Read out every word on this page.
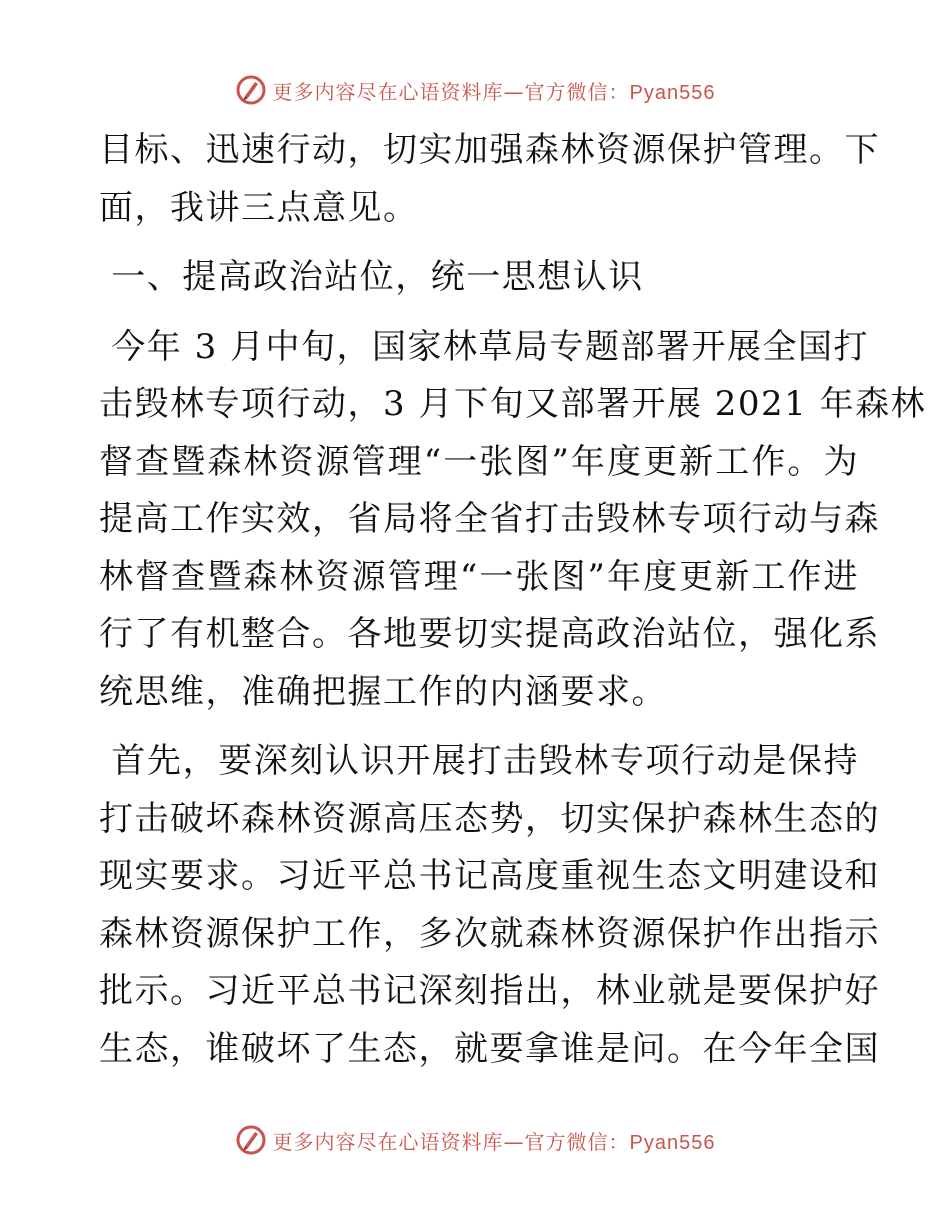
更多内容尽在心语资料库—官方微信：Pyan556
目标、迅速行动，切实加强森林资源保护管理。下
面，我讲三点意见。
一、提高政治站位，统一思想认识
今年 3 月中旬，国家林草局专题部署开展全国打
击毁林专项行动，3 月下旬又部署开展 2021 年森林
督查暨森林资源管理“一张图”年度更新工作。为
提高工作实效，省局将全省打击毁林专项行动与森
林督查暨森林资源管理“一张图”年度更新工作进
行了有机整合。各地要切实提高政治站位，强化系
统思维，准确把握工作的内涵要求。
首先，要深刻认识开展打击毁林专项行动是保持
打击破坏森林资源高压态势，切实保护森林生态的
现实要求。习近平总书记高度重视生态文明建设和
森林资源保护工作，多次就森林资源保护作出指示
批示。习近平总书记深刻指出，林业就是要保护好
生态，谁破坏了生态，就要拿谁是问。在今年全国
更多内容尽在心语资料库—官方微信：Pyan556
